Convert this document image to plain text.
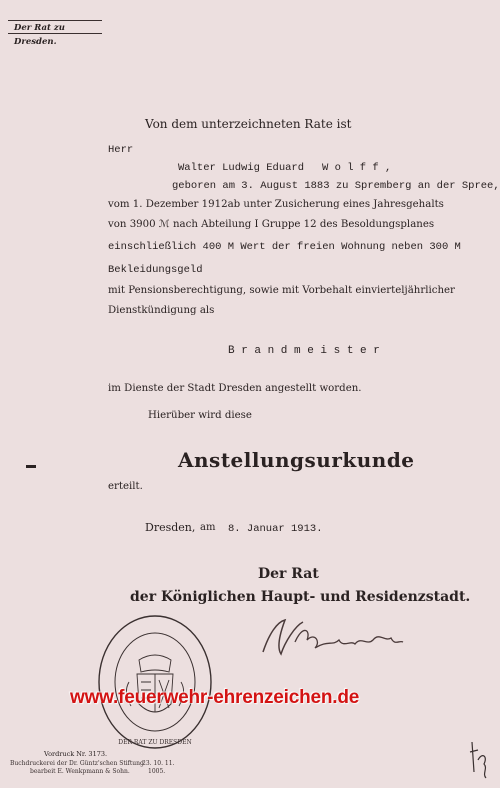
Der Rat zu Dresden.
Von dem unterzeichneten Rate ist
Herr
Walter Ludwig Eduard W o l f f ,
geboren am 3. August 1883 zu Spremberg an der Spree,
vom 1. Dezember 1912ab unter Zusicherung eines Jahresgehalts
von 3900 ℳ nach Abteilung I Gruppe 12 des Besoldungsplanes
einschließlich 400 M Wert der freien Wohnung neben 300 M
Bekleidungsgeld
mit Pensionsberechtigung, sowie mit Vorbehalt einvierteljährlicher
Dienstkündigung als
B r a n d m e i s t e r
im Dienste der Stadt Dresden angestellt worden.
Hierüber wird diese
Anstellungsurkunde
erteilt.
Dresden, am 8. Januar 1913.
Der Rat
der Königlichen Haupt- und Residenzstadt.
DER RAT ZU DRESDEN
www.feuerwehr-ehrenzeichen.de
Vordruck Nr. 3173.
Buchdruckerei der Dr. Güntz'schen Stiftung
bearbeit E. Wenkpmann & Sohn.
23. 10. 11.
1005.
